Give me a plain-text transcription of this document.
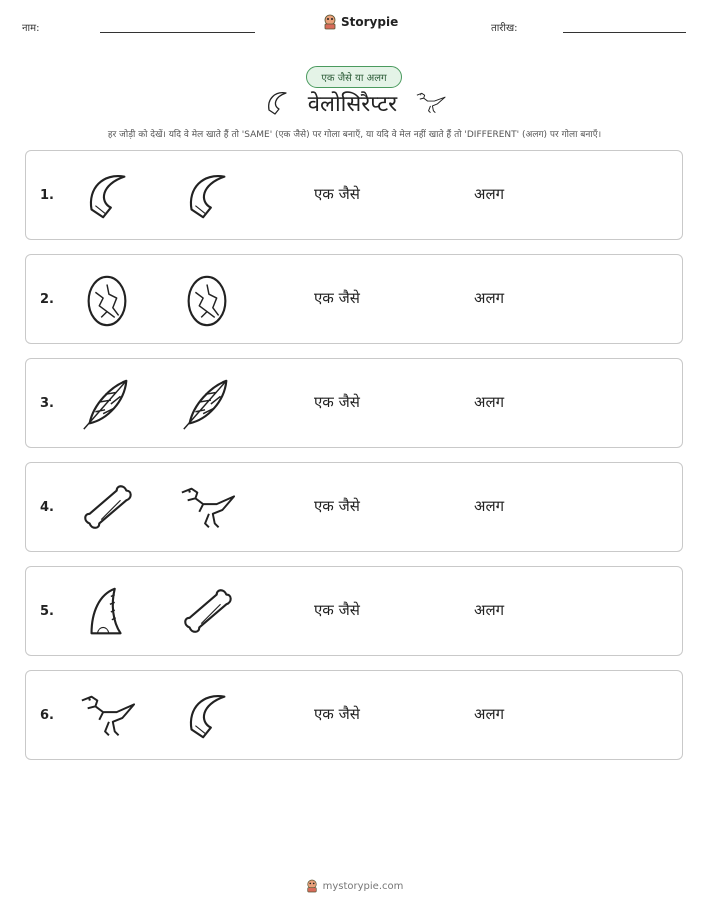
नाम:	Storypie	तारीख:
एक जैसे या अलग
वेलोसिरैप्टर
हर जोड़ी को देखें। यदि वे मेल खाते हैं तो 'SAME' (एक जैसे) पर गोला बनाएँ, या यदि वे मेल नहीं खाते हैं तो 'DIFFERENT' (अलग) पर गोला बनाएँ।
1.	एक जैसे	अलग
2.	एक जैसे	अलग
3.	एक जैसे	अलग
4.	एक जैसे	अलग
5.	एक जैसे	अलग
6.	एक जैसे	अलग
mystorypie.com
